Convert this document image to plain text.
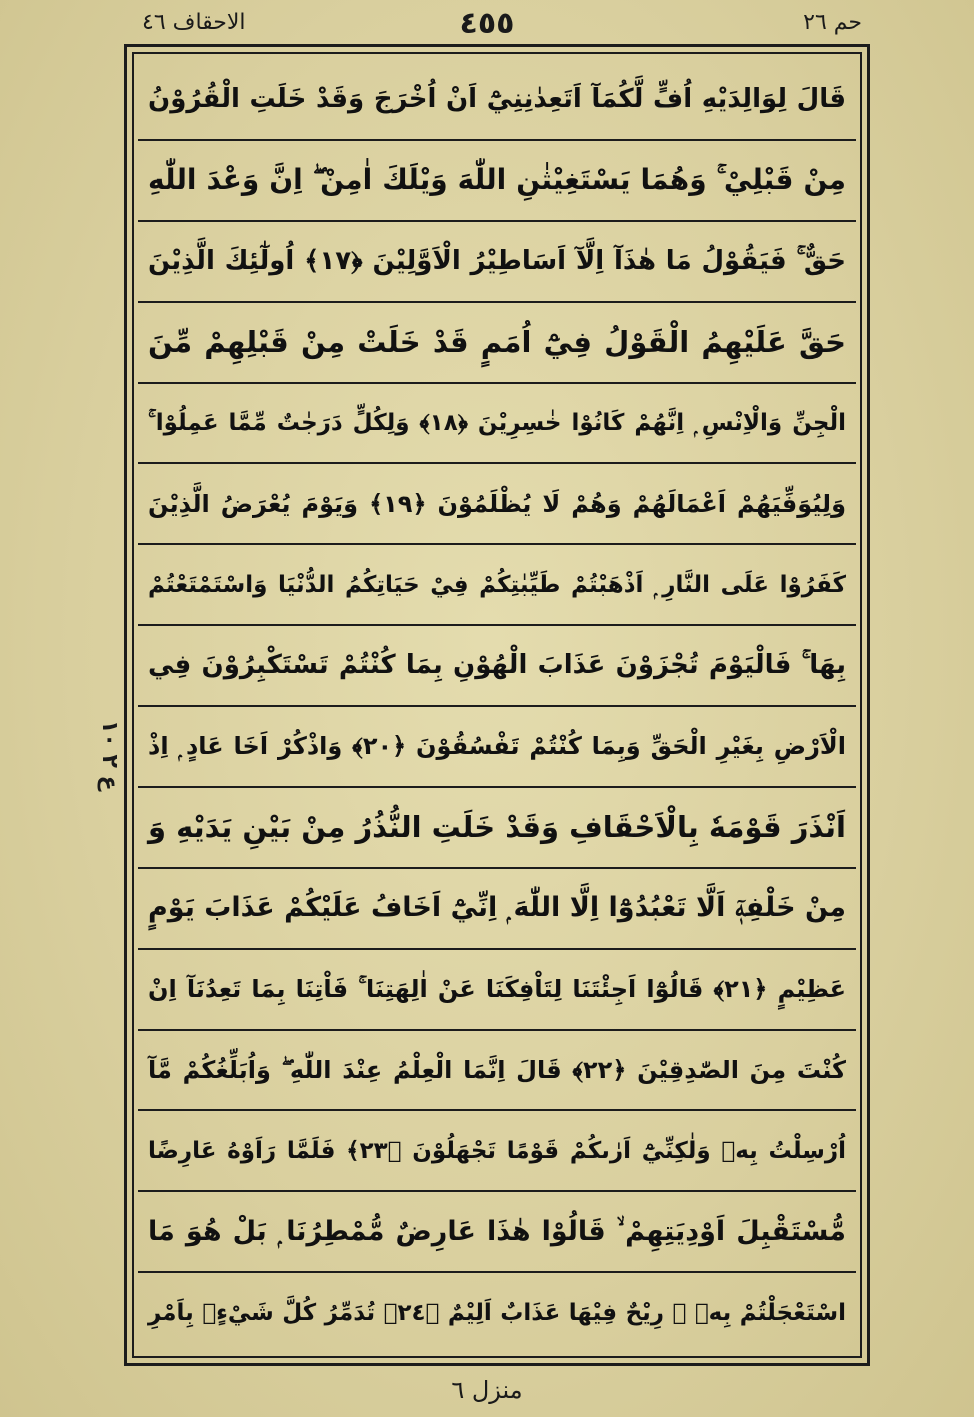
الاحقاف ٤٦	٤٥٥	حم ٢٦
قَالَ لِوَالِدَيْهِ اُفٍّ لَّكُمَآ اَتَعِدٰنِنِيْٓ اَنْ اُخْرَجَ وَقَدْ خَلَتِ الْقُرُوْنُ
مِنْ قَبْلِيْ ۚ وَهُمَا يَسْتَغِيْثٰنِ اللّٰهَ وَيْلَكَ اٰمِنْ ۖ اِنَّ وَعْدَ اللّٰهِ
حَقٌّ ۚ فَيَقُوْلُ مَا هٰذَآ اِلَّآ اَسَاطِيْرُ الْاَوَّلِيْنَ ﴿١٧﴾ اُولٰٓئِكَ الَّذِيْنَ
حَقَّ عَلَيْهِمُ الْقَوْلُ فِيْٓ اُمَمٍ قَدْ خَلَتْ مِنْ قَبْلِهِمْ مِّنَ
الْجِنِّ وَالْاِنْسِ ۭ اِنَّهُمْ كَانُوْا خٰسِرِيْنَ ﴿١٨﴾ وَلِكُلٍّ دَرَجٰتٌ مِّمَّا عَمِلُوْا ۚ
وَلِيُوَفِّيَهُمْ اَعْمَالَهُمْ وَهُمْ لَا يُظْلَمُوْنَ ﴿١٩﴾ وَيَوْمَ يُعْرَضُ الَّذِيْنَ
كَفَرُوْا عَلَى النَّارِ ۭ اَذْهَبْتُمْ طَيِّبٰتِكُمْ فِيْ حَيَاتِكُمُ الدُّنْيَا وَاسْتَمْتَعْتُمْ
بِهَا ۚ فَالْيَوْمَ تُجْزَوْنَ عَذَابَ الْهُوْنِ بِمَا كُنْتُمْ تَسْتَكْبِرُوْنَ فِي
الْاَرْضِ بِغَيْرِ الْحَقِّ وَبِمَا كُنْتُمْ تَفْسُقُوْنَ ﴿٢٠﴾ وَاذْكُرْ اَخَا عَادٍ ۭ اِذْ
اَنْذَرَ قَوْمَهٗ بِالْاَحْقَافِ وَقَدْ خَلَتِ النُّذُرُ مِنْ بَيْنِ يَدَيْهِ وَ
مِنْ خَلْفِهٖٓ اَلَّا تَعْبُدُوْٓا اِلَّا اللّٰهَ ۭ اِنِّيْٓ اَخَافُ عَلَيْكُمْ عَذَابَ يَوْمٍ
عَظِيْمٍ ﴿٢١﴾ قَالُوْٓا اَجِئْتَنَا لِتَاْفِكَنَا عَنْ اٰلِهَتِنَا ۚ فَاْتِنَا بِمَا تَعِدُنَآ اِنْ
كُنْتَ مِنَ الصّٰدِقِيْنَ ﴿٢٢﴾ قَالَ اِنَّمَا الْعِلْمُ عِنْدَ اللّٰهِ ۖ وَاُبَلِّغُكُمْ مَّآ
اُرْسِلْتُ بِهٖ وَلٰكِنِّيْٓ اَرٰىكُمْ قَوْمًا تَجْهَلُوْنَ ﴿٢٣﴾ فَلَمَّا رَاَوْهُ عَارِضًا
مُّسْتَقْبِلَ اَوْدِيَتِهِمْ ۙ قَالُوْا هٰذَا عَارِضٌ مُّمْطِرُنَا ۭ بَلْ هُوَ مَا
اسْتَعْجَلْتُمْ بِهٖ ۭ رِيْحٌ فِيْهَا عَذَابٌ اَلِيْمٌ ﴿٢٤﴾ تُدَمِّرُ كُلَّ شَيْءٍۢ بِاَمْرِ
ع ٢ ١٠
منزل ٦
